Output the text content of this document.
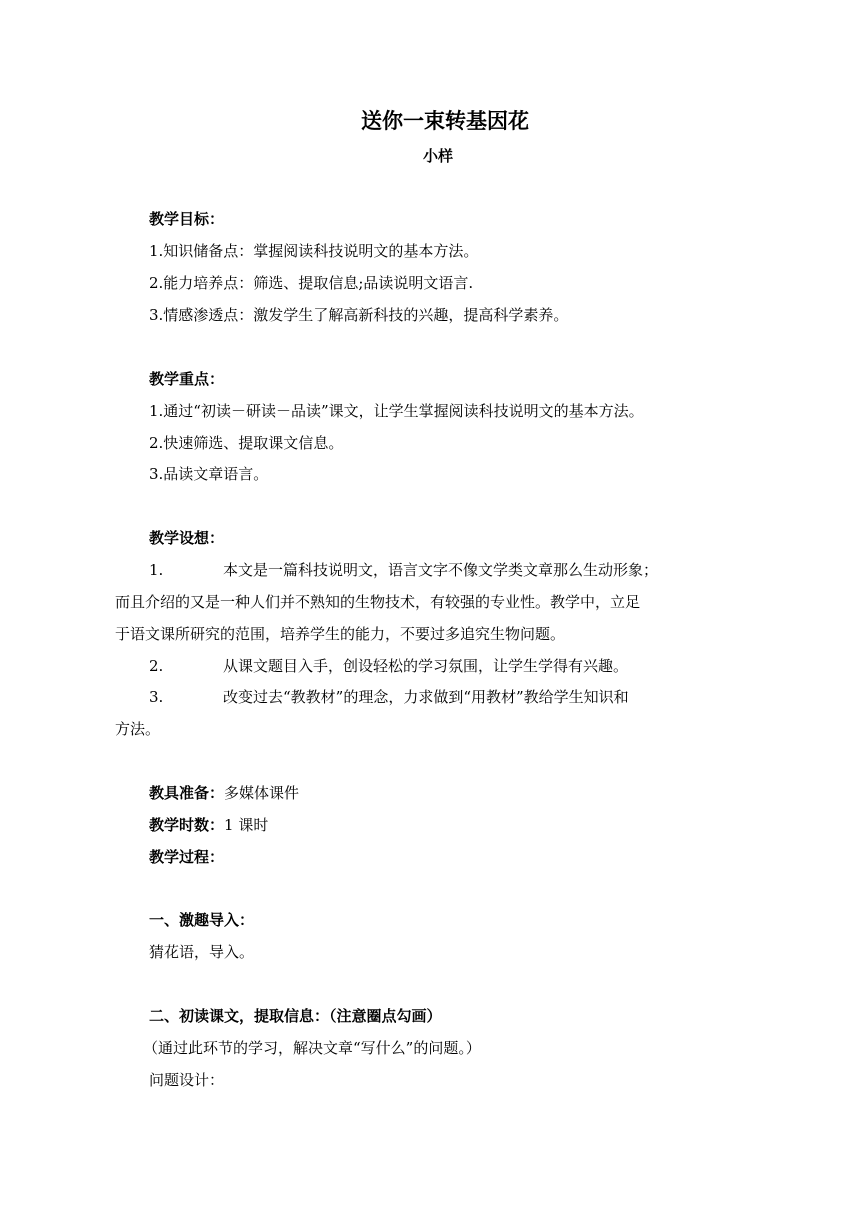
送你一束转基因花
小样
教学目标：
1.知识储备点：掌握阅读科技说明文的基本方法。
2.能力培养点：筛选、提取信息;品读说明文语言.
3.情感渗透点：激发学生了解高新科技的兴趣，提高科学素养。
教学重点：
1.通过“初读－研读－品读”课文，让学生掌握阅读科技说明文的基本方法。
2.快速筛选、提取课文信息。
3.品读文章语言。
教学设想：
1.	本文是一篇科技说明文，语言文字不像文学类文章那么生动形象；
而且介绍的又是一种人们并不熟知的生物技术，有较强的专业性。教学中，立足
于语文课所研究的范围，培养学生的能力，不要过多追究生物问题。
2.	从课文题目入手，创设轻松的学习氛围，让学生学得有兴趣。
3.	改变过去“教教材”的理念，力求做到“用教材”教给学生知识和
方法。
教具准备：多媒体课件
教学时数：1 课时
教学过程：
一、激趣导入：
猜花语，导入。
二、初读课文，提取信息：（注意圈点勾画）
（通过此环节的学习，解决文章“写什么”的问题。）
问题设计：
